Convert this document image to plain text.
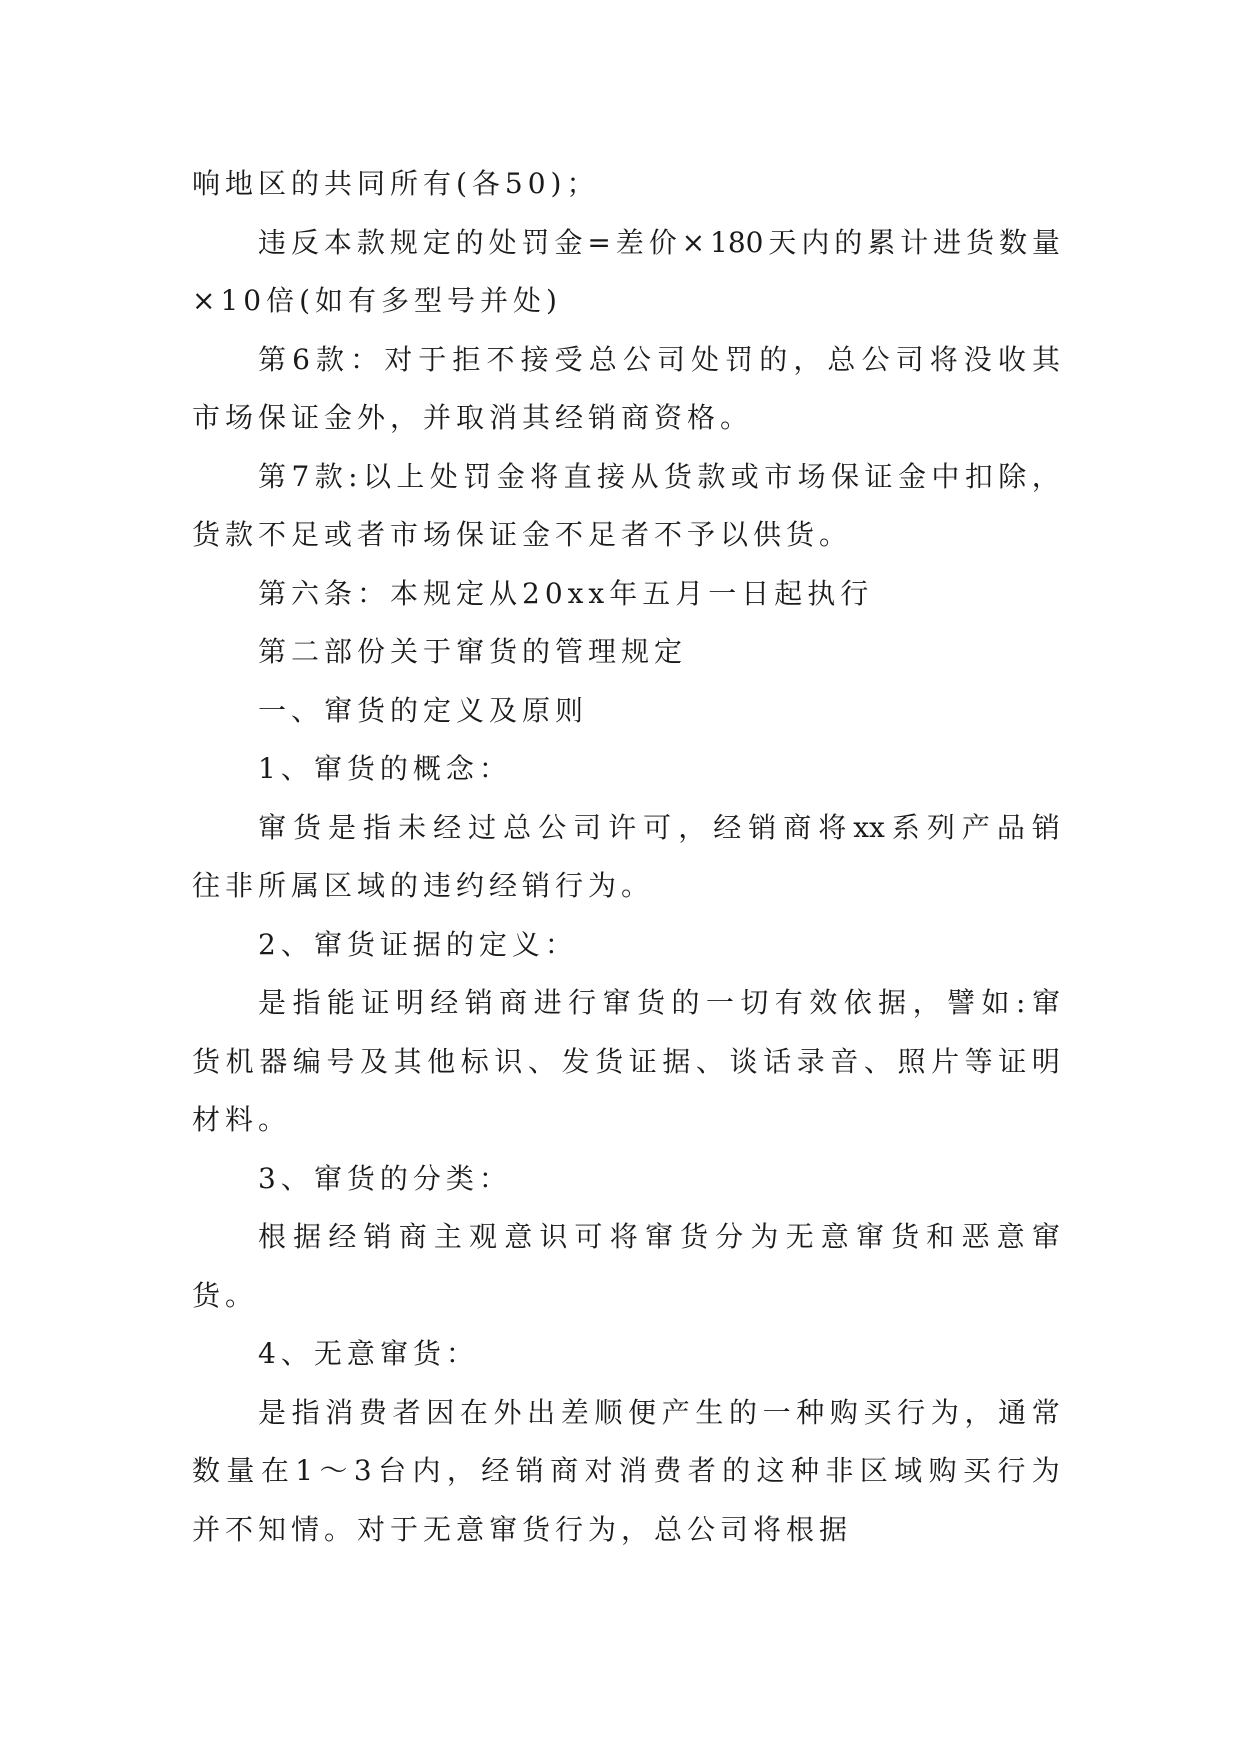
响地区的共同所有(各50)；
违 反 本 款 规 定 的 处 罚 金 = 差 价 × 180 天 内 的 累 计 进 货 数 量
×10倍(如有多型号并处)
第 6 款 ： 对 于 拒 不 接 受 总 公 司 处 罚 的 ， 总 公 司 将 没 收 其
市场保证金外，并取消其经销商资格。
第 7 款 : 以 上 处 罚 金 将 直 接 从 货 款 或 市 场 保 证 金 中 扣 除 ，
货款不足或者市场保证金不足者不予以供货。
第六条：本规定从20xx年五月一日起执行
第二部份关于窜货的管理规定
一、窜货的定义及原则
1、窜货的概念：
窜 货 是 指 未 经 过 总 公 司 许 可 ， 经 销 商 将 xx 系 列 产 品 销
往非所属区域的违约经销行为。
2、窜货证据的定义：
是 指 能 证 明 经 销 商 进 行 窜 货 的 一 切 有 效 依 据 ， 譬 如 : 窜
货 机 器 编 号 及 其 他 标 识 、 发 货 证 据 、 谈 话 录 音 、 照 片 等 证 明
材料。
3、窜货的分类：
根 据 经 销 商 主 观 意 识 可 将 窜 货 分 为 无 意 窜 货 和 恶 意 窜
货。
4、无意窜货：
是 指 消 费 者 因 在 外 出 差 顺 便 产 生 的 一 种 购 买 行 为 ， 通 常
数 量 在 1 ～ 3 台 内 ， 经 销 商 对 消 费 者 的 这 种 非 区 域 购 买 行 为
并不知情。对于无意窜货行为，总公司将根据
